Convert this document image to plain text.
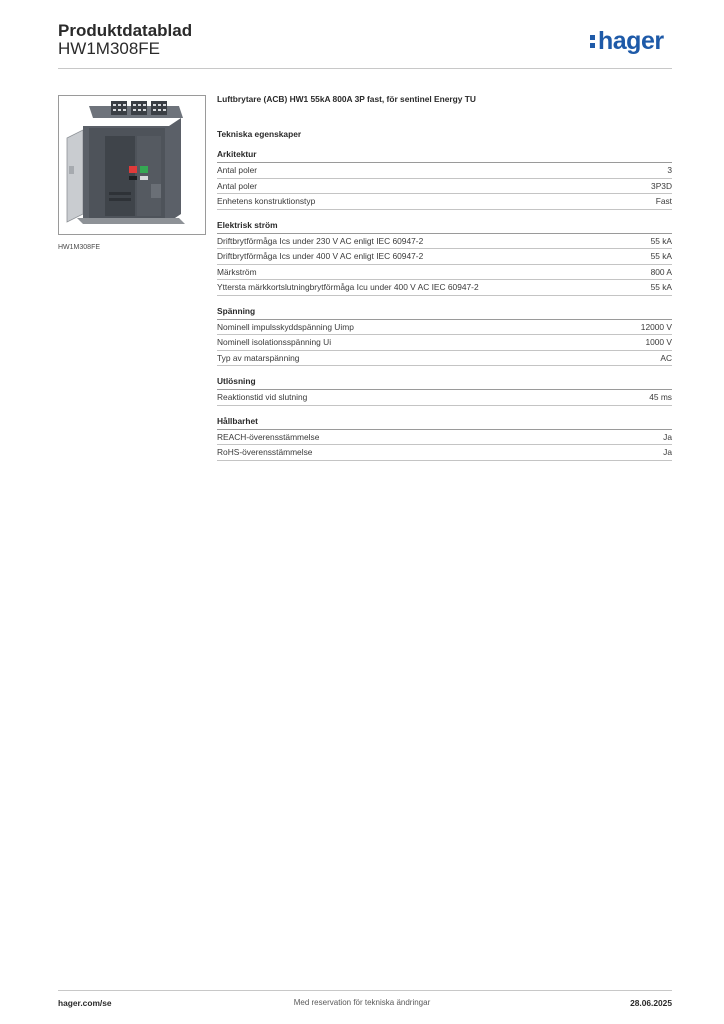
Produktdatablad
HW1M308FE	hager
HW1M308FE
Luftbrytare (ACB) HW1 55kA 800A 3P fast, för sentinel Energy TU
Tekniska egenskaper
Arkitektur
Antal poler	3
Antal poler	3P3D
Enhetens konstruktionstyp	Fast
Elektrisk ström
Driftbrytförmåga Ics under 230 V AC enligt IEC 60947-2	55 kA
Driftbrytförmåga Ics under 400 V AC enligt IEC 60947-2	55 kA
Märkström	800 A
Yttersta märkkortslutningbrytförmåga Icu under 400 V AC IEC 60947-2	55 kA
Spänning
Nominell impulsskyddspänning Uimp	12000 V
Nominell isolationsspänning Ui	1000 V
Typ av matarspänning	AC
Utlösning
Reaktionstid vid slutning	45 ms
Hållbarhet
REACH-överensstämmelse	Ja
RoHS-överensstämmelse	Ja
hager.com/se	Med reservation för tekniska ändringar	28.06.2025
